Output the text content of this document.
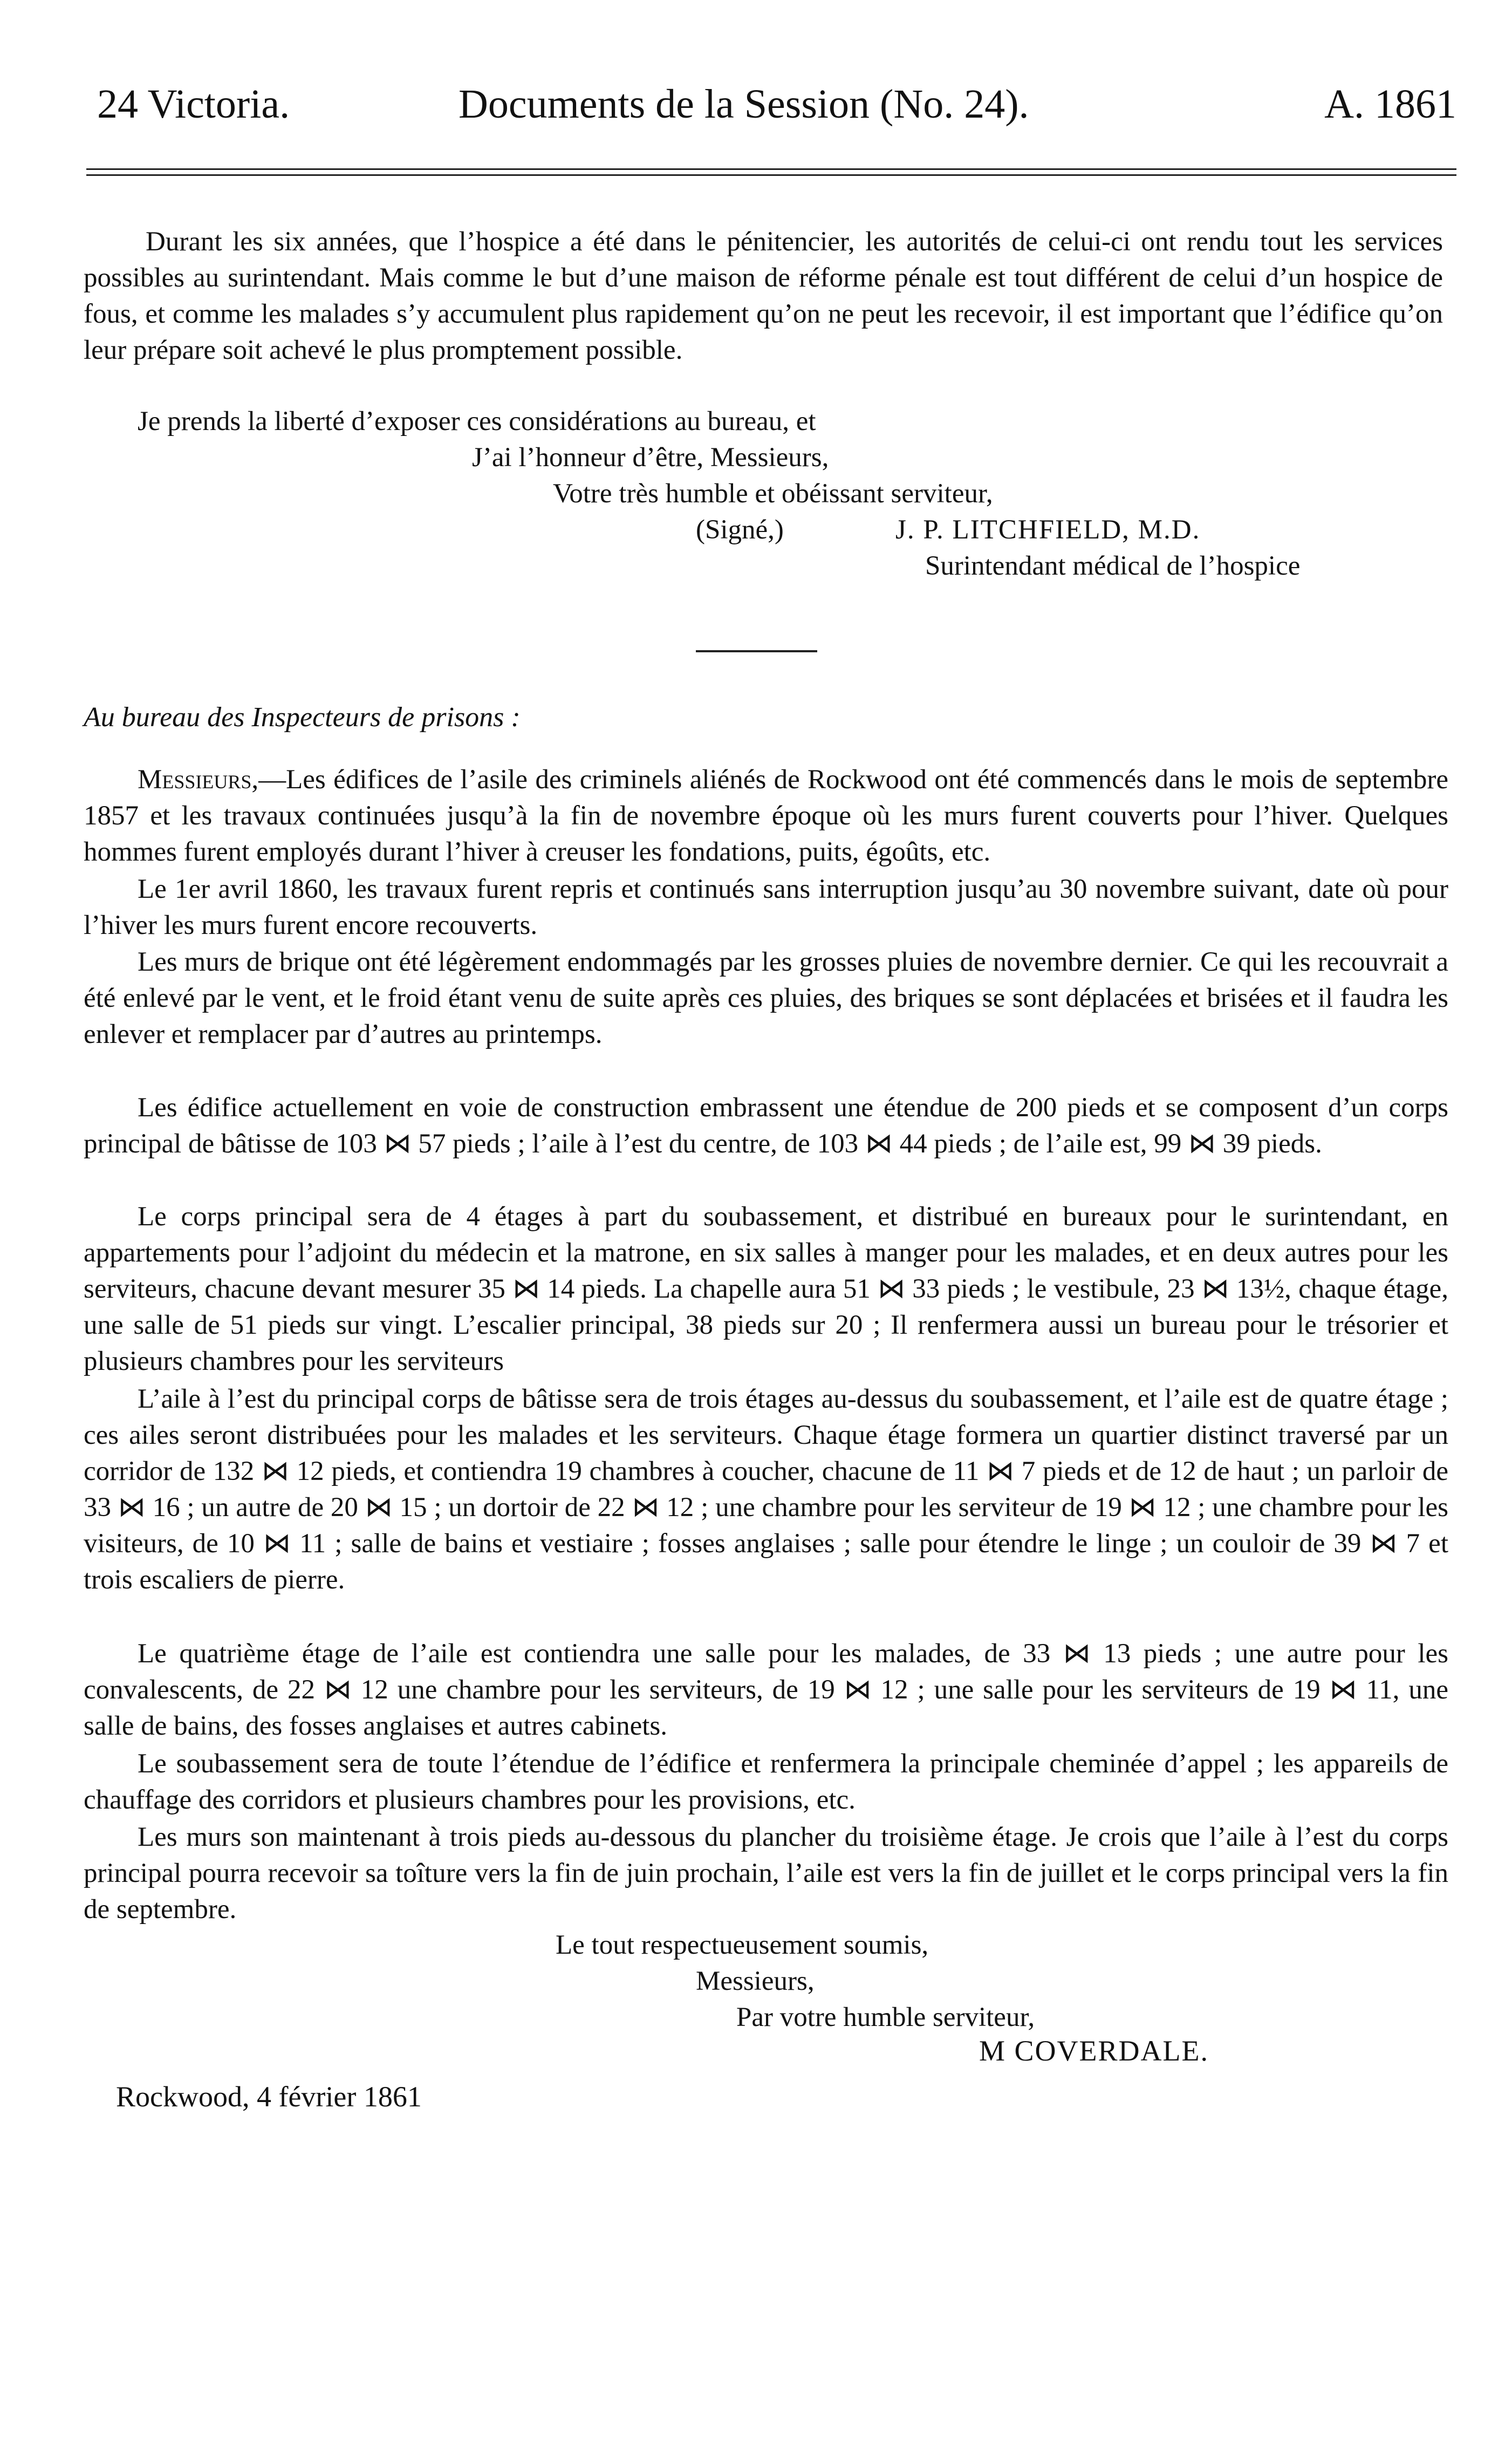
24 Victoria.	Documents de la Session (No. 24).	A. 1861

Durant les six années, que l’hospice a été dans le pénitencier, les autorités de celui-ci ont rendu tout les services possibles au surintendant. Mais comme le but d’une maison de réforme pénale est tout différent de celui d’un hospice de fous, et comme les malades s’y accumulent plus rapidement qu’on ne peut les recevoir, il est important que l’édifice qu’on leur prépare soit achevé le plus promptement possible.

Je prends la liberté d’exposer ces considérations au bureau, et
J’ai l’honneur d’être, Messieurs,
Votre très humble et obéissant serviteur,
(Signé,)	J. P. LITCHFIELD, M.D.
Surintendant médical de l’hospice
Au bureau des Inspecteurs de prisons :

Messieurs,—Les édifices de l’asile des criminels aliénés de Rockwood ont été commencés dans le mois de septembre 1857 et les travaux continuées jusqu’à la fin de novembre époque où les murs furent couverts pour l’hiver. Quelques hommes furent employés durant l’hiver à creuser les fondations, puits, égoûts, etc.

Le 1er avril 1860, les travaux furent repris et continués sans interruption jusqu’au 30 novembre suivant, date où pour l’hiver les murs furent encore recouverts.

Les murs de brique ont été légèrement endommagés par les grosses pluies de novembre dernier. Ce qui les recouvrait a été enlevé par le vent, et le froid étant venu de suite après ces pluies, des briques se sont déplacées et brisées et il faudra les enlever et remplacer par d’autres au printemps.

Les édifice actuellement en voie de construction embrassent une étendue de 200 pieds et se composent d’un corps principal de bâtisse de 103 ⋈ 57 pieds ; l’aile à l’est du centre, de 103 ⋈ 44 pieds ; de l’aile est, 99 ⋈ 39 pieds.

Le corps principal sera de 4 étages à part du soubassement, et distribué en bureaux pour le surintendant, en appartements pour l’adjoint du médecin et la matrone, en six salles à manger pour les malades, et en deux autres pour les serviteurs, chacune devant mesurer 35 ⋈ 14 pieds. La chapelle aura 51 ⋈ 33 pieds ; le vestibule, 23 ⋈ 13½, chaque étage, une salle de 51 pieds sur vingt. L’escalier principal, 38 pieds sur 20 ; Il renfermera aussi un bureau pour le trésorier et plusieurs chambres pour les serviteurs

L’aile à l’est du principal corps de bâtisse sera de trois étages au-dessus du soubassement, et l’aile est de quatre étage ; ces ailes seront distribuées pour les malades et les serviteurs. Chaque étage formera un quartier distinct traversé par un corridor de 132 ⋈ 12 pieds, et contiendra 19 chambres à coucher, chacune de 11 ⋈ 7 pieds et de 12 de haut ; un parloir de 33 ⋈ 16 ; un autre de 20 ⋈ 15 ; un dortoir de 22 ⋈ 12 ; une chambre pour les serviteur de 19 ⋈ 12 ; une chambre pour les visiteurs, de 10 ⋈ 11 ; salle de bains et vestiaire ; fosses anglaises ; salle pour étendre le linge ; un couloir de 39 ⋈ 7 et trois escaliers de pierre.

Le quatrième étage de l’aile est contiendra une salle pour les malades, de 33 ⋈ 13 pieds ; une autre pour les convalescents, de 22 ⋈ 12 une chambre pour les serviteurs, de 19 ⋈ 12 ; une salle pour les serviteurs de 19 ⋈ 11, une salle de bains, des fosses anglaises et autres cabinets.

Le soubassement sera de toute l’étendue de l’édifice et renfermera la principale cheminée d’appel ; les appareils de chauffage des corridors et plusieurs chambres pour les provisions, etc.

Les murs son maintenant à trois pieds au-dessous du plancher du troisième étage. Je crois que l’aile à l’est du corps principal pourra recevoir sa toîture vers la fin de juin prochain, l’aile est vers la fin de juillet et le corps principal vers la fin de septembre.

Le tout respectueusement soumis,
Messieurs,
Par votre humble serviteur,
M COVERDALE.
Rockwood, 4 février 1861
